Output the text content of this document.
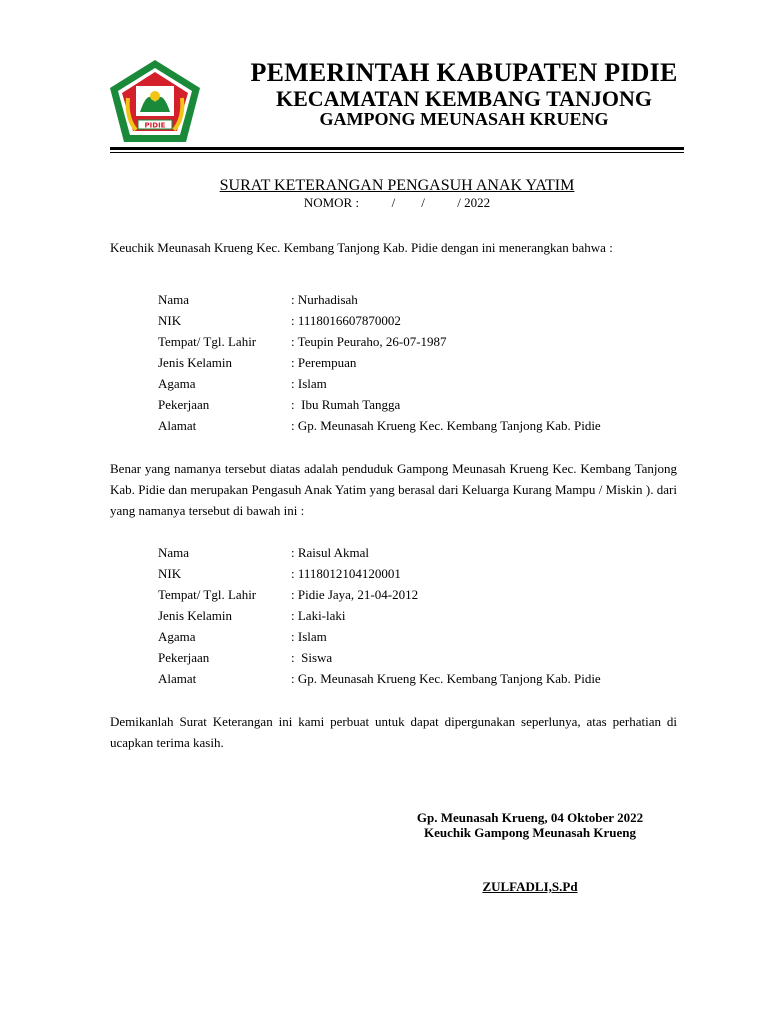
PIDIE
PEMERINTAH KABUPATEN PIDIE
KECAMATAN KEMBANG TANJONG
GAMPONG MEUNASAH KRUENG
SURAT KETERANGAN PENGASUH ANAK YATIM
NOMOR :          /        /          / 2022
Keuchik Meunasah Krueng Kec. Kembang Tanjong Kab. Pidie dengan ini menerangkan bahwa :
Nama	: Nurhadisah
NIK	: 1118016607870002
Tempat/ Tgl. Lahir	: Teupin Peuraho, 26-07-1987
Jenis Kelamin	: Perempuan
Agama	: Islam
Pekerjaan	:  Ibu Rumah Tangga
Alamat	: Gp. Meunasah Krueng Kec. Kembang Tanjong Kab. Pidie
Benar yang namanya tersebut diatas adalah penduduk Gampong Meunasah Krueng Kec. Kembang Tanjong Kab. Pidie dan merupakan Pengasuh Anak Yatim yang berasal dari Keluarga Kurang Mampu / Miskin ). dari yang namanya tersebut di bawah ini :
Nama	: Raisul Akmal
NIK	: 1118012104120001
Tempat/ Tgl. Lahir	: Pidie Jaya, 21-04-2012
Jenis Kelamin	: Laki-laki
Agama	: Islam
Pekerjaan	:  Siswa
Alamat	: Gp. Meunasah Krueng Kec. Kembang Tanjong Kab. Pidie
Demikanlah Surat Keterangan ini kami perbuat untuk dapat dipergunakan seperlunya, atas perhatian di ucapkan terima kasih.
Gp. Meunasah Krueng, 04 Oktober 2022
Keuchik Gampong Meunasah Krueng
ZULFADLI,S.Pd
